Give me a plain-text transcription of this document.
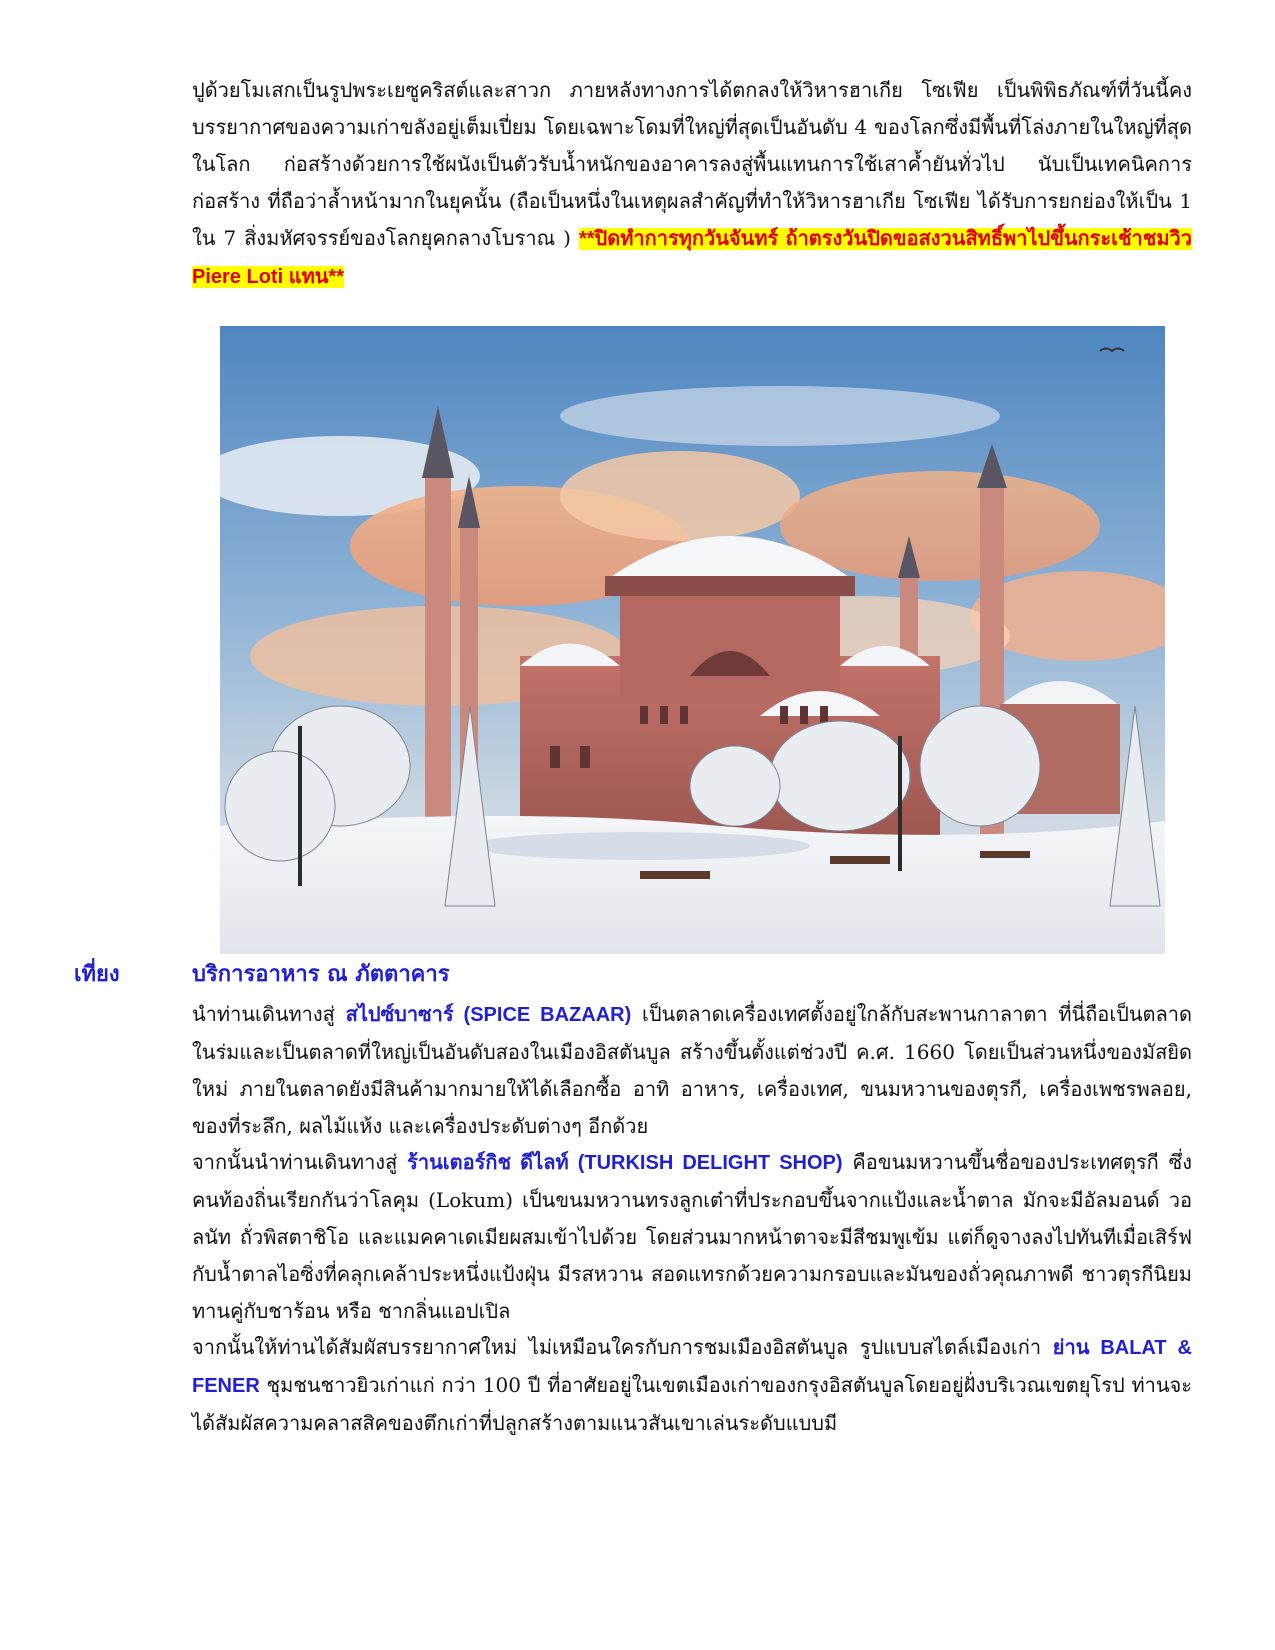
ปูด้วยโมเสกเป็นรูปพระเยซูคริสต์และสาวก ภายหลังทางการได้ตกลงให้วิหารฮาเกีย โซเฟีย เป็นพิพิธภัณฑ์ที่วันนี้คงบรรยากาศของความเก่าขลังอยู่เต็มเปี่ยม โดยเฉพาะโดมที่ใหญ่ที่สุดเป็นอันดับ 4 ของโลกซึ่งมีพื้นที่โล่งภายในใหญ่ที่สุดในโลก ก่อสร้างด้วยการใช้ผนังเป็นตัวรับน้ำหนักของอาคารลงสู่พื้นแทนการใช้เสาค้ำยันทั่วไป นับเป็นเทคนิคการก่อสร้าง ที่ถือว่าล้ำหน้ามากในยุคนั้น (ถือเป็นหนึ่งในเหตุผลสำคัญที่ทำให้วิหารฮาเกีย โซเฟีย ได้รับการยกย่องให้เป็น 1 ใน 7 สิ่งมหัศจรรย์ของโลกยุคกลางโบราณ ) **ปิดทำการทุกวันจันทร์ ถ้าตรงวันปิดขอสงวนสิทธิ์พาไปขึ้นกระเช้าชมวิว Piere Loti แทน**

เที่ยง	บริการอาหาร ณ ภัตตาคาร

นำท่านเดินทางสู่ สไปซ์บาซาร์ (SPICE BAZAAR) เป็นตลาดเครื่องเทศตั้งอยู่ใกล้กับสะพานกาลาตา ที่นี่ถือเป็นตลาดในร่มและเป็นตลาดที่ใหญ่เป็นอันดับสองในเมืองอิสตันบูล สร้างขึ้นตั้งแต่ช่วงปี ค.ศ. 1660 โดยเป็นส่วนหนึ่งของมัสยิดใหม่ ภายในตลาดยังมีสินค้ามากมายให้ได้เลือกซื้อ อาทิ อาหาร, เครื่องเทศ, ขนมหวานของตุรกี, เครื่องเพชรพลอย, ของที่ระลึก, ผลไม้แห้ง และเครื่องประดับต่างๆ อีกด้วย

จากนั้นนำท่านเดินทางสู่ ร้านเตอร์กิช ดีไลท์ (TURKISH DELIGHT SHOP) คือขนมหวานขึ้นชื่อของประเทศตุรกี ซึ่งคนท้องถิ่นเรียกกันว่าโลคุม (Lokum) เป็นขนมหวานทรงลูกเต๋าที่ประกอบขึ้นจากแป้งและน้ำตาล มักจะมีอัลมอนด์ วอลนัท ถั่วพิสตาชิโอ และแมคคาเดเมียผสมเข้าไปด้วย โดยส่วนมากหน้าตาจะมีสีชมพูเข้ม แต่ก็ดูจางลงไปทันทีเมื่อเสิร์ฟกับน้ำตาลไอซิ่งที่คลุกเคล้าประหนึ่งแป้งฝุ่น มีรสหวาน สอดแทรกด้วยความกรอบและมันของถั่วคุณภาพดี ชาวตุรกีนิยมทานคู่กับชาร้อน หรือ ชากลิ่นแอปเปิล

จากนั้นให้ท่านได้สัมผัสบรรยากาศใหม่ ไม่เหมือนใครกับการชมเมืองอิสตันบูล รูปแบบสไตล์เมืองเก่า ย่าน BALAT & FENER ชุมชนชาวยิวเก่าแก่ กว่า 100 ปี ที่อาศัยอยู่ในเขตเมืองเก่าของกรุงอิสตันบูลโดยอยู่ฝั่งบริเวณเขตยุโรป ท่านจะได้สัมผัสความคลาสสิคของตึกเก่าที่ปลูกสร้างตามแนวสันเขาเล่นระดับแบบมี
